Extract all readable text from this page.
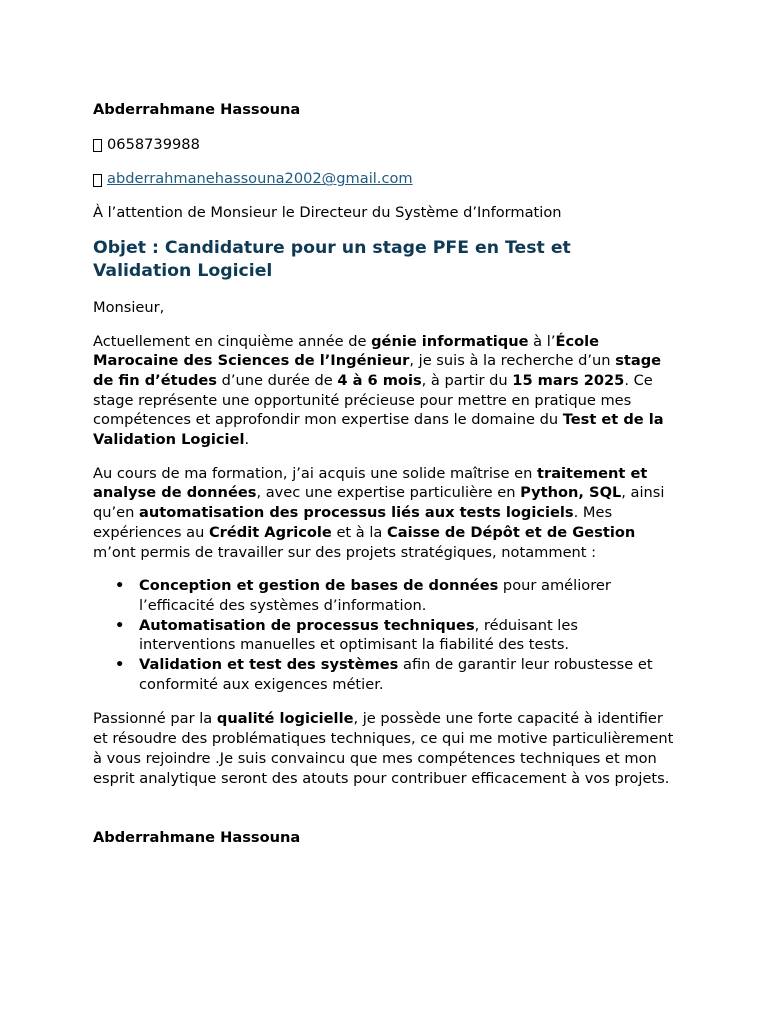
Abderrahmane Hassouna

0658739988

abderrahmanehassouna2002@gmail.com

À l’attention de Monsieur le Directeur du Système d’Information

Objet : Candidature pour un stage PFE en Test et Validation Logiciel

Monsieur,

Actuellement en cinquième année de génie informatique à l’École Marocaine des Sciences de l’Ingénieur, je suis à la recherche d’un stage de fin d’études d’une durée de 4 à 6 mois, à partir du 15 mars 2025. Ce stage représente une opportunité précieuse pour mettre en pratique mes compétences et approfondir mon expertise dans le domaine du Test et de la Validation Logiciel.

Au cours de ma formation, j’ai acquis une solide maîtrise en traitement et analyse de données, avec une expertise particulière en Python, SQL, ainsi qu’en automatisation des processus liés aux tests logiciels. Mes expériences au Crédit Agricole et à la Caisse de Dépôt et de Gestion m’ont permis de travailler sur des projets stratégiques, notamment :

• Conception et gestion de bases de données pour améliorer l’efficacité des systèmes d’information.
• Automatisation de processus techniques, réduisant les interventions manuelles et optimisant la fiabilité des tests.
• Validation et test des systèmes afin de garantir leur robustesse et conformité aux exigences métier.

Passionné par la qualité logicielle, je possède une forte capacité à identifier et résoudre des problématiques techniques, ce qui me motive particulièrement à vous rejoindre .Je suis convaincu que mes compétences techniques et mon esprit analytique seront des atouts pour contribuer efficacement à vos projets.

Abderrahmane Hassouna
